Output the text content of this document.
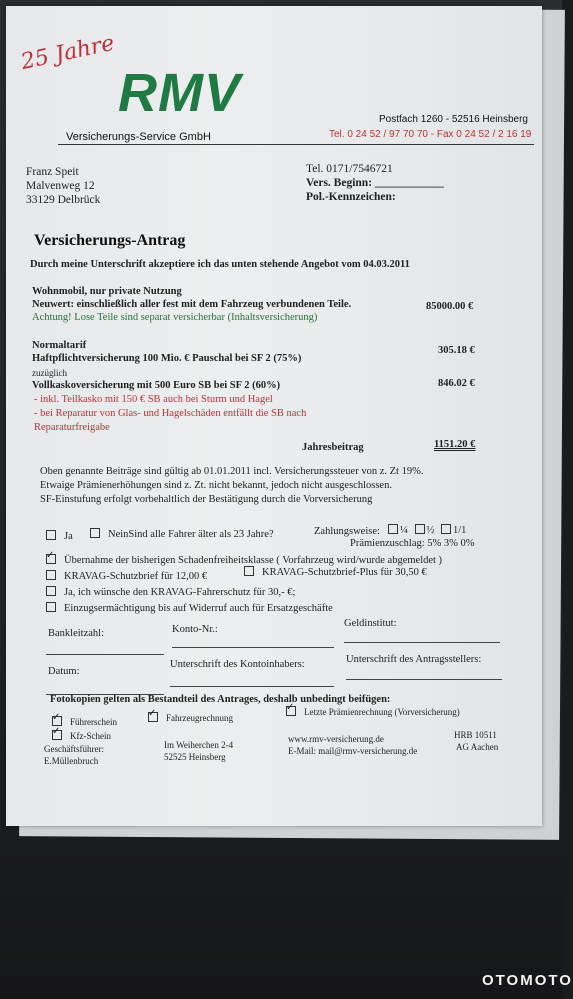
25 Jahre
RMV
Versicherungs-Service GmbH
Postfach 1260 - 52516 Heinsberg
Tel. 0 24 52 / 97 70 70 - Fax 0 24 52 / 2 16 19
Franz Speit
Malvenweg 12
33129 Delbrück
Tel. 0171/7546721
Vers. Beginn: ____________
Pol.-Kennzeichen:
Versicherungs-Antrag
Durch meine Unterschrift akzeptiere ich das unten stehende Angebot vom 04.03.2011
Wohnmobil, nur private Nutzung
Neuwert: einschließlich aller fest mit dem Fahrzeug verbundenen Teile.	85000.00 €
Achtung! Lose Teile sind separat versicherbar (Inhaltsversicherung)
Normaltarif
Haftpflichtversicherung 100 Mio. € Pauschal bei SF 2 (75%)
305.18 €
zuzüglich
Vollkaskoversicherung mit 500 Euro SB bei SF 2 (60%)	846.02 €
- inkl. Teilkasko mit 150 € SB auch bei Sturm und Hagel
- bei Reparatur von Glas- und Hagelschäden entfällt die SB nach
Reparaturfreigabe
Jahresbeitrag	1151.20 €
Oben genannte Beiträge sind gültig ab 01.01.2011 incl. Versicherungssteuer von z. Zt 19%.
Etwaige Prämienerhöhungen sind z. Zt. nicht bekannt, jedoch nicht ausgeschlossen.
SF-Einstufung erfolgt vorbehaltlich der Bestätigung durch die Vorversicherung
Ja	NeinSind alle Fahrer älter als 23 Jahre?	Zahlungsweise:	¼ ½ 1/1
Prämienzuschlag: 5% 3% 0%
✓Übernahme der bisherigen Schadenfreiheitsklasse ( Vorfahrzeug wird/wurde abgemeldet )
KRAVAG-Schutzbrief für 12,00 €	KRAVAG-Schutzbrief-Plus für 30,50 €
Ja, ich wünsche den KRAVAG-Fahrerschutz für 30,- €;
Einzugsermächtigung bis auf Widerruf auch für Ersatzgeschäfte
Bankleitzahl:	Konto-Nr.:
Geldinstitut:
Datum:
Unterschrift des Kontoinhabers:	Unterschrift des Antragsstellers:
Fotokopien gelten als Bestandteil des Antrages, deshalb unbedingt beifügen:
✓Führerschein
✓	Fahrzeugrechnung
✓Letzte Prämienrechnung (Vorversicherung)
✓Kfz-Schein
Geschäftsführer:
E.Müllenbruch
Im Weiherchen 2-4
52525 Heinsberg
www.rmv-versicherung.de
E-Mail: mail@rmv-versicherung.de
HRB 10511
AG Aachen
OTOMOTO
